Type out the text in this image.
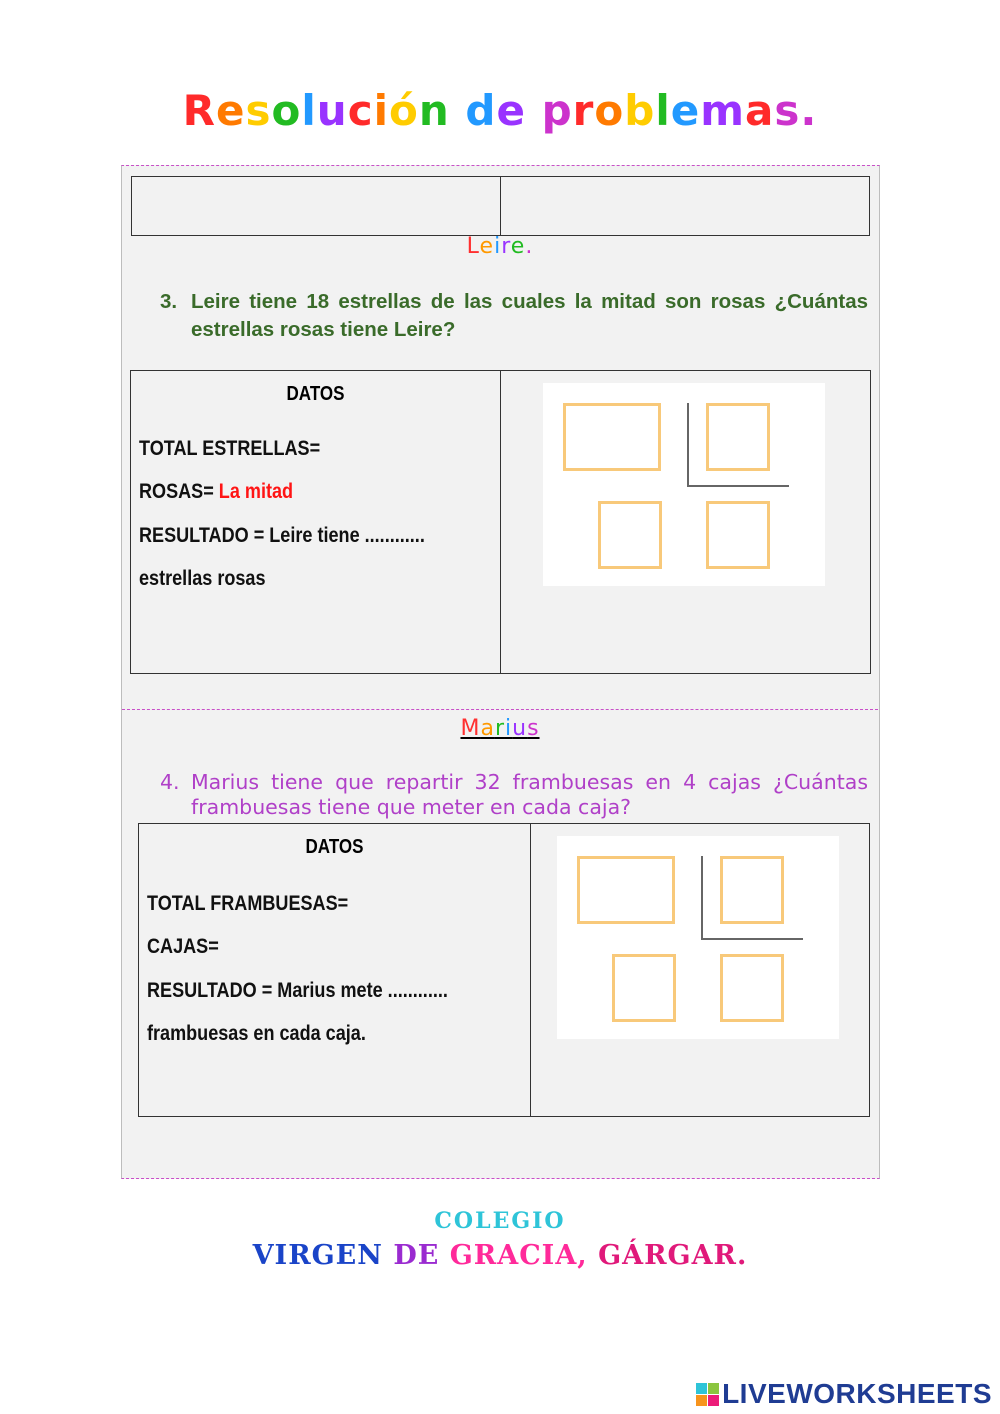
Resolución de problemas.
Leire.
3. Leire tiene 18 estrellas de las cuales la mitad son rosas ¿Cuántas estrellas rosas tiene Leire?
DATOS
TOTAL ESTRELLAS=
ROSAS= La mitad
RESULTADO = Leire tiene ............
estrellas rosas
Marius
4. Marius tiene que repartir 32 frambuesas en 4 cajas ¿Cuántas frambuesas tiene que meter en cada caja?
DATOS
TOTAL FRAMBUESAS=
CAJAS=
RESULTADO = Marius mete ............
frambuesas en cada caja.
COLEGIO
VIRGEN DE GRACIA, GÁRGAR.
LIVEWORKSHEETS
